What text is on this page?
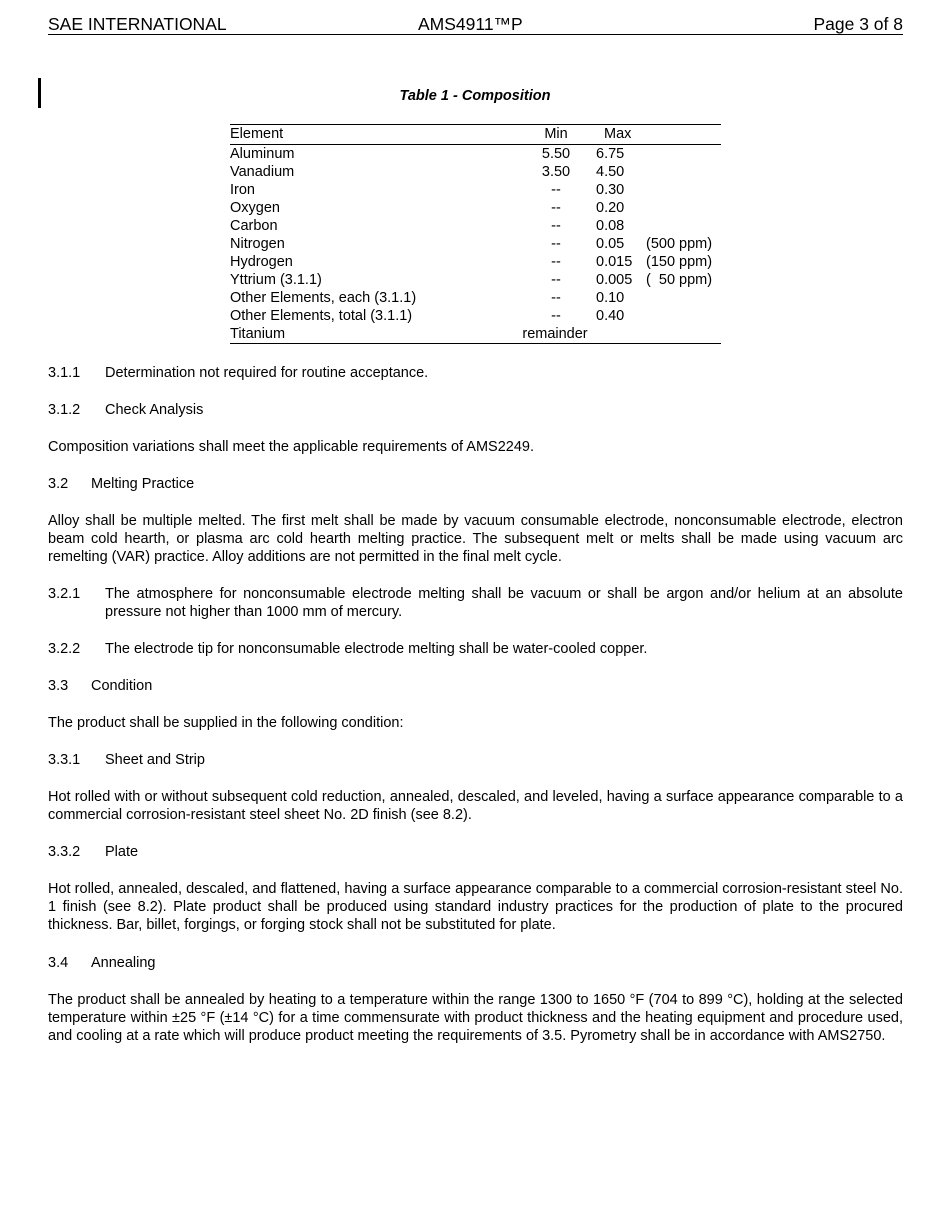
SAE INTERNATIONAL	AMS4911™P	Page 3 of 8
Table 1 - Composition
Element	Min	Max
Aluminum	5.50	6.75
Vanadium	3.50	4.50
Iron	--	0.30
Oxygen	--	0.20
Carbon	--	0.08
Nitrogen	--	0.05 (500 ppm)
Hydrogen	--	0.015 (150 ppm)
Yttrium (3.1.1)	--	0.005 (  50 ppm)
Other Elements, each (3.1.1)	--	0.10
Other Elements, total (3.1.1)	--	0.40
Titanium	remainder

3.1.1 Determination not required for routine acceptance.

3.1.2 Check Analysis

Composition variations shall meet the applicable requirements of AMS2249.

3.2 Melting Practice

Alloy shall be multiple melted. The first melt shall be made by vacuum consumable electrode, nonconsumable electrode, electron beam cold hearth, or plasma arc cold hearth melting practice. The subsequent melt or melts shall be made using vacuum arc remelting (VAR) practice. Alloy additions are not permitted in the final melt cycle.

3.2.1 The atmosphere for nonconsumable electrode melting shall be vacuum or shall be argon and/or helium at an absolute pressure not higher than 1000 mm of mercury.

3.2.2 The electrode tip for nonconsumable electrode melting shall be water-cooled copper.

3.3 Condition

The product shall be supplied in the following condition:

3.3.1 Sheet and Strip

Hot rolled with or without subsequent cold reduction, annealed, descaled, and leveled, having a surface appearance comparable to a commercial corrosion-resistant steel sheet No. 2D finish (see 8.2).

3.3.2 Plate

Hot rolled, annealed, descaled, and flattened, having a surface appearance comparable to a commercial corrosion-resistant steel No. 1 finish (see 8.2). Plate product shall be produced using standard industry practices for the production of plate to the procured thickness. Bar, billet, forgings, or forging stock shall not be substituted for plate.

3.4 Annealing

The product shall be annealed by heating to a temperature within the range 1300 to 1650 °F (704 to 899 °C), holding at the selected temperature within ±25 °F (±14 °C) for a time commensurate with product thickness and the heating equipment and procedure used, and cooling at a rate which will produce product meeting the requirements of 3.5. Pyrometry shall be in accordance with AMS2750.
